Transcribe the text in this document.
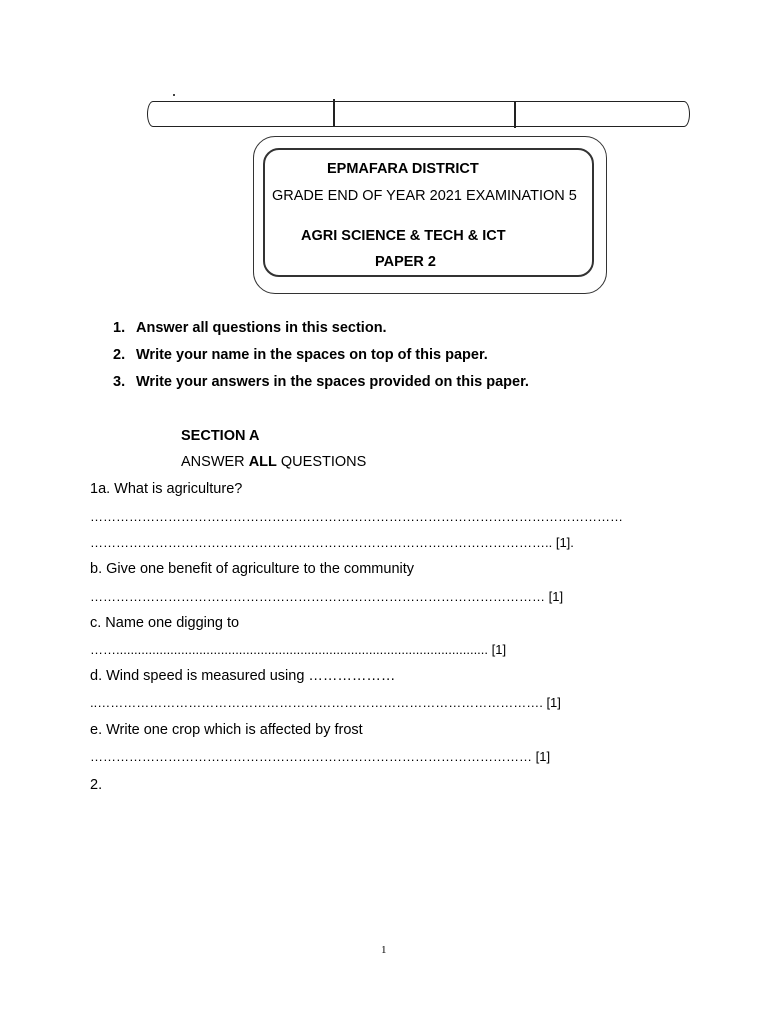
EPMAFARA DISTRICT
GRADE END OF YEAR 2021 EXAMINATION 5
AGRI SCIENCE & TECH & ICT
PAPER 2
1. Answer all questions in this section.
2. Write your name in the spaces on top of this paper.
3. Write your answers in the spaces provided on this paper.
SECTION A
ANSWER ALL QUESTIONS
1a. What is agriculture?
……………………………………………………………………………………………………………
…………………………………………………………………………………………….. [1].
b. Give one benefit of agriculture to the community
…………………………………………………………………………………………… [1]
c. Name one digging to
……....................................................................................................... [1]
d. Wind speed is measured using ………………
..…………………………………………………………………………………………. [1]
e. Write one crop which is affected by frost
………………………………………………………………………………………… [1]
2.
1
